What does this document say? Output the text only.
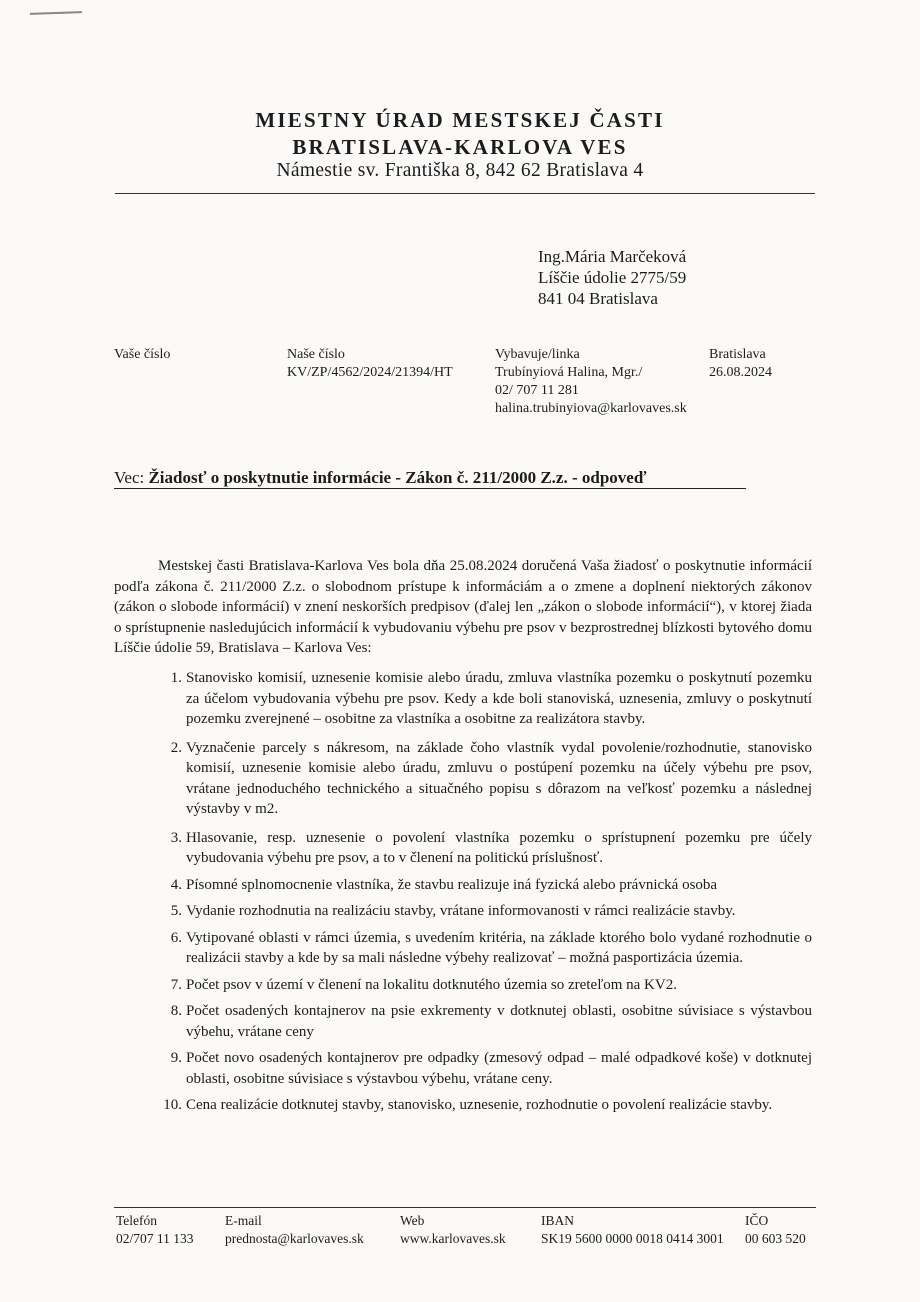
MIESTNY ÚRAD MESTSKEJ ČASTI
BRATISLAVA-KARLOVA VES
Námestie sv. Františka 8, 842 62 Bratislava 4
Ing.Mária Marčeková
Líščie údolie 2775/59
841 04 Bratislava
Vaše číslo	Naše číslo
KV/ZP/4562/2024/21394/HT
Vybavuje/linka
Trubínyiová Halina, Mgr./
02/ 707 11 281
halina.trubinyiova@karlovaves.sk
Bratislava
26.08.2024
Vec: Žiadosť o poskytnutie informácie - Zákon č. 211/2000 Z.z. - odpoveď
Mestskej časti Bratislava-Karlova Ves bola dňa 25.08.2024 doručená Vaša žiadosť o poskytnutie informácií podľa zákona č. 211/2000 Z.z. o slobodnom prístupe k informáciám a o zmene a doplnení niektorých zákonov (zákon o slobode informácií) v znení neskorších predpisov (ďalej len „zákon o slobode informácií“), v ktorej žiada o sprístupnenie nasledujúcich informácií k vybudovaniu výbehu pre psov v bezprostrednej blízkosti bytového domu Líščie údolie 59, Bratislava – Karlova Ves:
1. Stanovisko komisií, uznesenie komisie alebo úradu, zmluva vlastníka pozemku o poskytnutí pozemku za účelom vybudovania výbehu pre psov. Kedy a kde boli stanoviská, uznesenia, zmluvy o poskytnutí pozemku zverejnené – osobitne za vlastníka a osobitne za realizátora stavby.
2. Vyznačenie parcely s nákresom, na základe čoho vlastník vydal povolenie/rozhodnutie, stanovisko komisií, uznesenie komisie alebo úradu, zmluvu o postúpení pozemku na účely výbehu pre psov, vrátane jednoduchého technického a situačného popisu s dôrazom na veľkosť pozemku a následnej výstavby v m2.
3. Hlasovanie, resp. uznesenie o povolení vlastníka pozemku o sprístupnení pozemku pre účely vybudovania výbehu pre psov, a to v členení na politickú príslušnosť.
4. Písomné splnomocnenie vlastníka, že stavbu realizuje iná fyzická alebo právnická osoba
5. Vydanie rozhodnutia na realizáciu stavby, vrátane informovanosti v rámci realizácie stavby.
6. Vytipované oblasti v rámci územia, s uvedením kritéria, na základe ktorého bolo vydané rozhodnutie o realizácii stavby a kde by sa mali následne výbehy realizovať – možná pasportizácia územia.
7. Počet psov v území v členení na lokalitu dotknutého územia so zreteľom na KV2.
8. Počet osadených kontajnerov na psie exkrementy v dotknutej oblasti, osobitne súvisiace s výstavbou výbehu, vrátane ceny
9. Počet novo osadených kontajnerov pre odpadky (zmesový odpad – malé odpadkové koše) v dotknutej oblasti, osobitne súvisiace s výstavbou výbehu, vrátane ceny.
10. Cena realizácie dotknutej stavby, stanovisko, uznesenie, rozhodnutie o povolení realizácie stavby.
Telefón
02/707 11 133
E-mail
prednosta@karlovaves.sk
Web
www.karlovaves.sk
IBAN
SK19 5600 0000 0018 0414 3001
IČO
00 603 520
